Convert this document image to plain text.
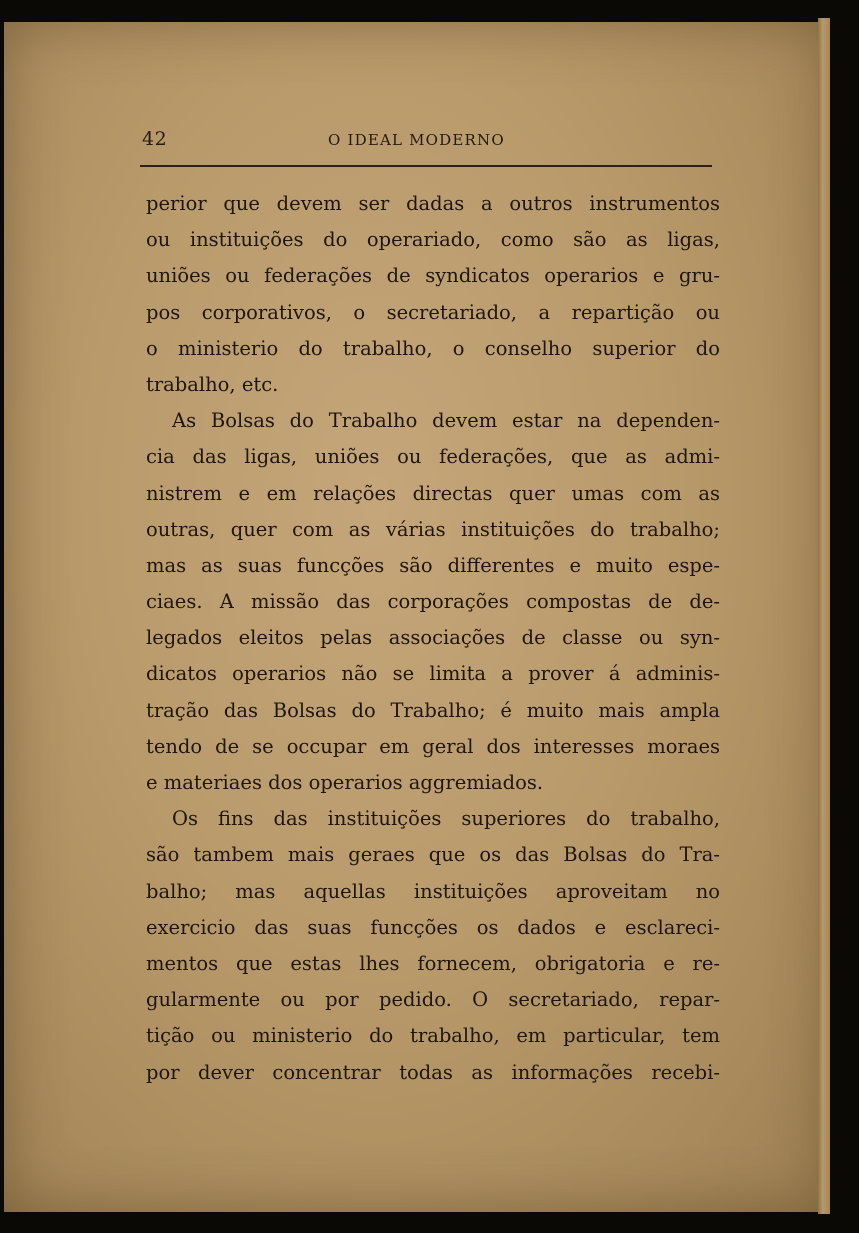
42	O IDEAL MODERNO
perior que devem ser dadas a outros instrumentos
ou instituições do operariado, como são as ligas,
uniões ou federações de syndicatos operarios e gru-
pos corporativos, o secretariado, a repartição ou
o ministerio do trabalho, o conselho superior do
trabalho, etc.
As Bolsas do Trabalho devem estar na dependen-
cia das ligas, uniões ou federações, que as admi-
nistrem e em relações directas quer umas com as
outras, quer com as várias instituições do trabalho;
mas as suas funcções são differentes e muito espe-
ciaes. A missão das corporações compostas de de-
legados eleitos pelas associações de classe ou syn-
dicatos operarios não se limita a prover á adminis-
tração das Bolsas do Trabalho; é muito mais ampla
tendo de se occupar em geral dos interesses moraes
e materiaes dos operarios aggremiados.
Os fins das instituições superiores do trabalho,
são tambem mais geraes que os das Bolsas do Tra-
balho; mas aquellas instituições aproveitam no
exercicio das suas funcções os dados e esclareci-
mentos que estas lhes fornecem, obrigatoria e re-
gularmente ou por pedido. O secretariado, repar-
tição ou ministerio do trabalho, em particular, tem
por dever concentrar todas as informações recebi-
